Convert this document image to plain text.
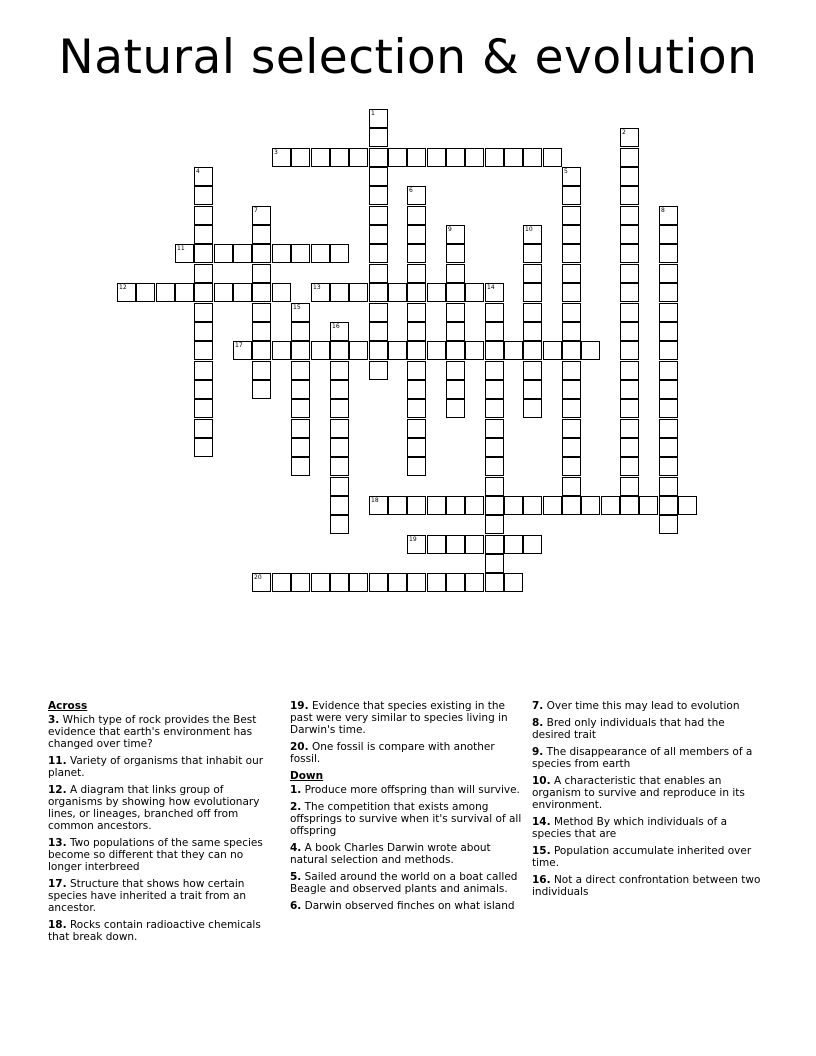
Natural selection & evolution
1
2
3
4	5
6
7	8
9	10
11
12	13	14
15
16
17
18
19
20
Across
3. Which type of rock provides the Best evidence that earth's environment has changed over time?
11. Variety of organisms that inhabit our planet.
12. A diagram that links group of organisms by showing how evolutionary lines, or lineages, branched off from common ancestors.
13. Two populations of the same species become so different that they can no longer interbreed
17. Structure that shows how certain species have inherited a trait from an ancestor.
18. Rocks contain radioactive chemicals that break down.
19. Evidence that species existing in the past were very similar to species living in Darwin's time.
20. One fossil is compare with another fossil.
Down
1. Produce more offspring than will survive.
2. The competition that exists among offsprings to survive when it's survival of all offspring
4. A book Charles Darwin wrote about natural selection and methods.
5. Sailed around the world on a boat called Beagle and observed plants and animals.
6. Darwin observed finches on what island
7. Over time this may lead to evolution
8. Bred only individuals that had the desired trait
9. The disappearance of all members of a species from earth
10. A characteristic that enables an organism to survive and reproduce in its environment.
14. Method By which individuals of a species that are
15. Population accumulate inherited over time.
16. Not a direct confrontation between two individuals
